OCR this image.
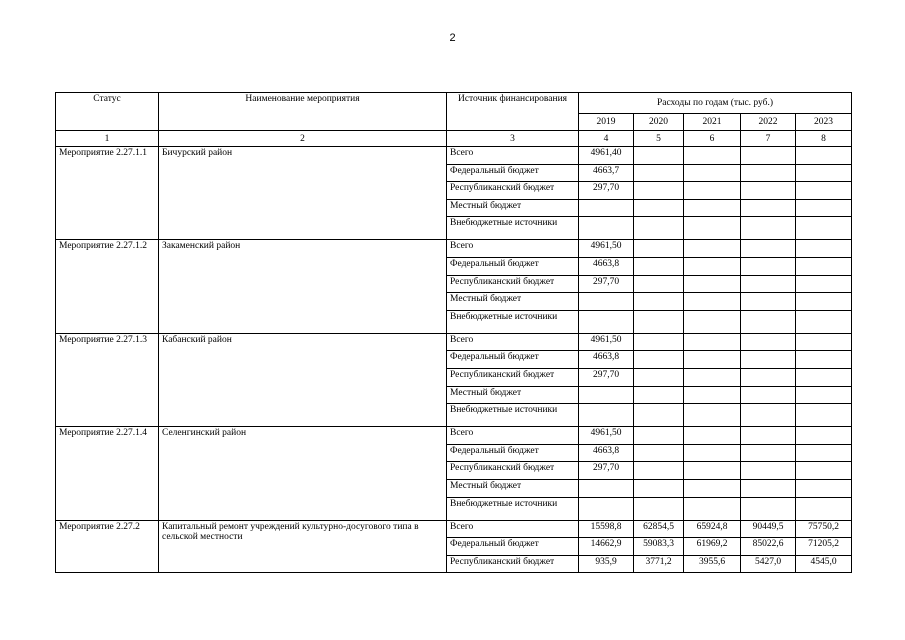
2
Статус	Наименование мероприятия	Источник финансирования	Расходы по годам (тыс. руб.)				
			2019	2020	2021	2022	2023
1	2	3	4	5	6	7	8
Мероприятие 2.27.1.1	Бичурский район	Всего	4961,40				
		Федеральный бюджет	4663,7				
		Республиканский бюджет	297,70				
		Местный бюджет					
		Внебюджетные источники					
Мероприятие 2.27.1.2	Закаменский район	Всего	4961,50				
		Федеральный бюджет	4663,8				
		Республиканский бюджет	297,70				
		Местный бюджет					
		Внебюджетные источники					
Мероприятие 2.27.1.3	Кабанский район	Всего	4961,50				
		Федеральный бюджет	4663,8				
		Республиканский бюджет	297,70				
		Местный бюджет					
		Внебюджетные источники					
Мероприятие 2.27.1.4	Селенгинский район	Всего	4961,50				
		Федеральный бюджет	4663,8				
		Республиканский бюджет	297,70				
		Местный бюджет					
		Внебюджетные источники					
Мероприятие 2.27.2	Капитальный ремонт учреждений культурно-досугового типа в сельской местности	Всего	15598,8	62854,5	65924,8	90449,5	75750,2
		Федеральный бюджет	14662,9	59083,3	61969,2	85022,6	71205,2
		Республиканский бюджет	935,9	3771,2	3955,6	5427,0	4545,0
